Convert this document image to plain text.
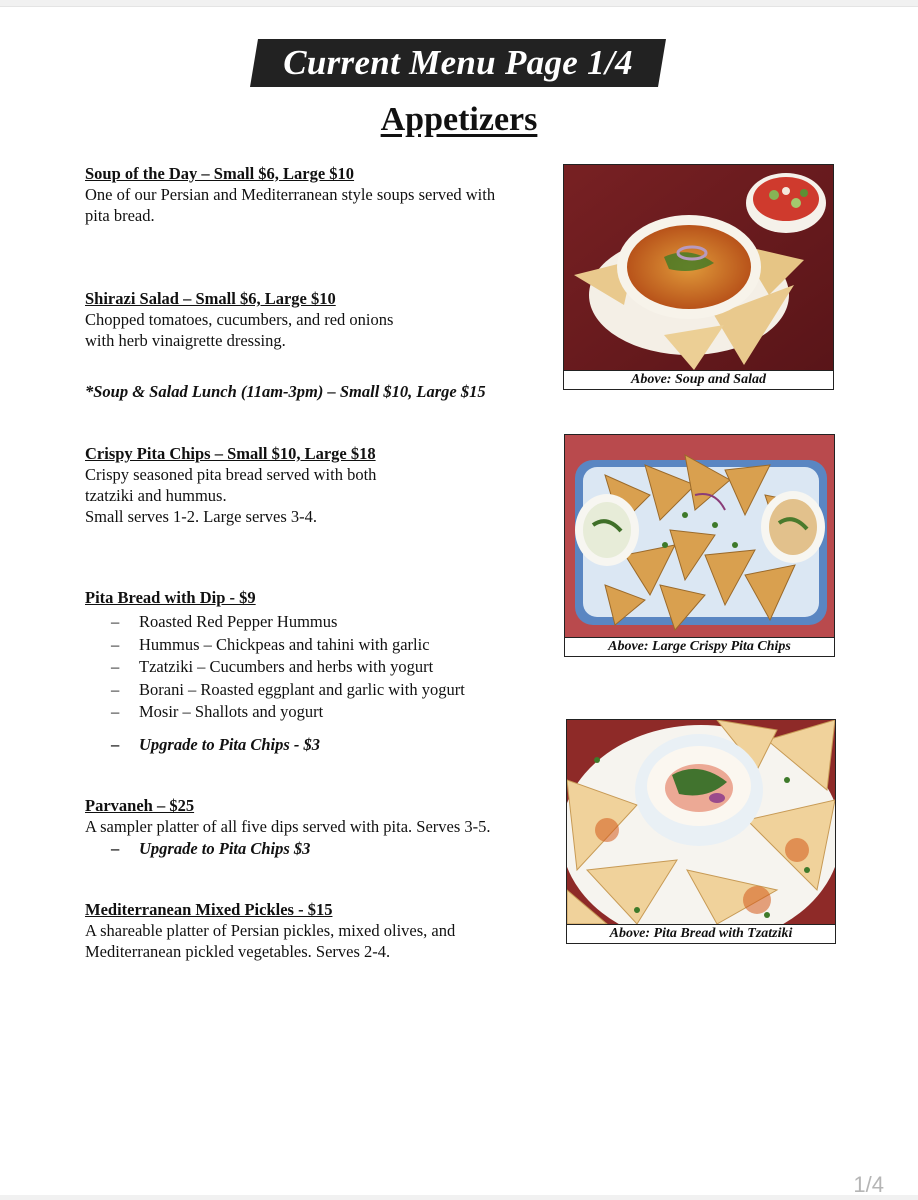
Current Menu Page 1/4
Appetizers
Soup of the Day – Small $6, Large $10
One of our Persian and Mediterranean style soups served with
pita bread.
Shirazi Salad – Small $6, Large $10
Chopped tomatoes, cucumbers, and red onions
with herb vinaigrette dressing.
*Soup & Salad Lunch (11am-3pm) – Small $10, Large $15
Crispy Pita Chips – Small $10, Large $18
Crispy seasoned pita bread served with both
tzatziki and hummus.
Small serves 1-2. Large serves 3-4.
Pita Bread with Dip - $9
– Roasted Red Pepper Hummus
– Hummus – Chickpeas and tahini with garlic
– Tzatziki – Cucumbers and herbs with yogurt
– Borani – Roasted eggplant and garlic with yogurt
– Mosir – Shallots and yogurt
– Upgrade to Pita Chips - $3
Parvaneh – $25
A sampler platter of all five dips served with pita. Serves 3-5.
– Upgrade to Pita Chips $3
Mediterranean Mixed Pickles - $15
A shareable platter of Persian pickles, mixed olives, and
Mediterranean pickled vegetables. Serves 2-4.
Above: Soup and Salad
Above: Large Crispy Pita Chips
Above: Pita Bread with Tzatziki
1/4
